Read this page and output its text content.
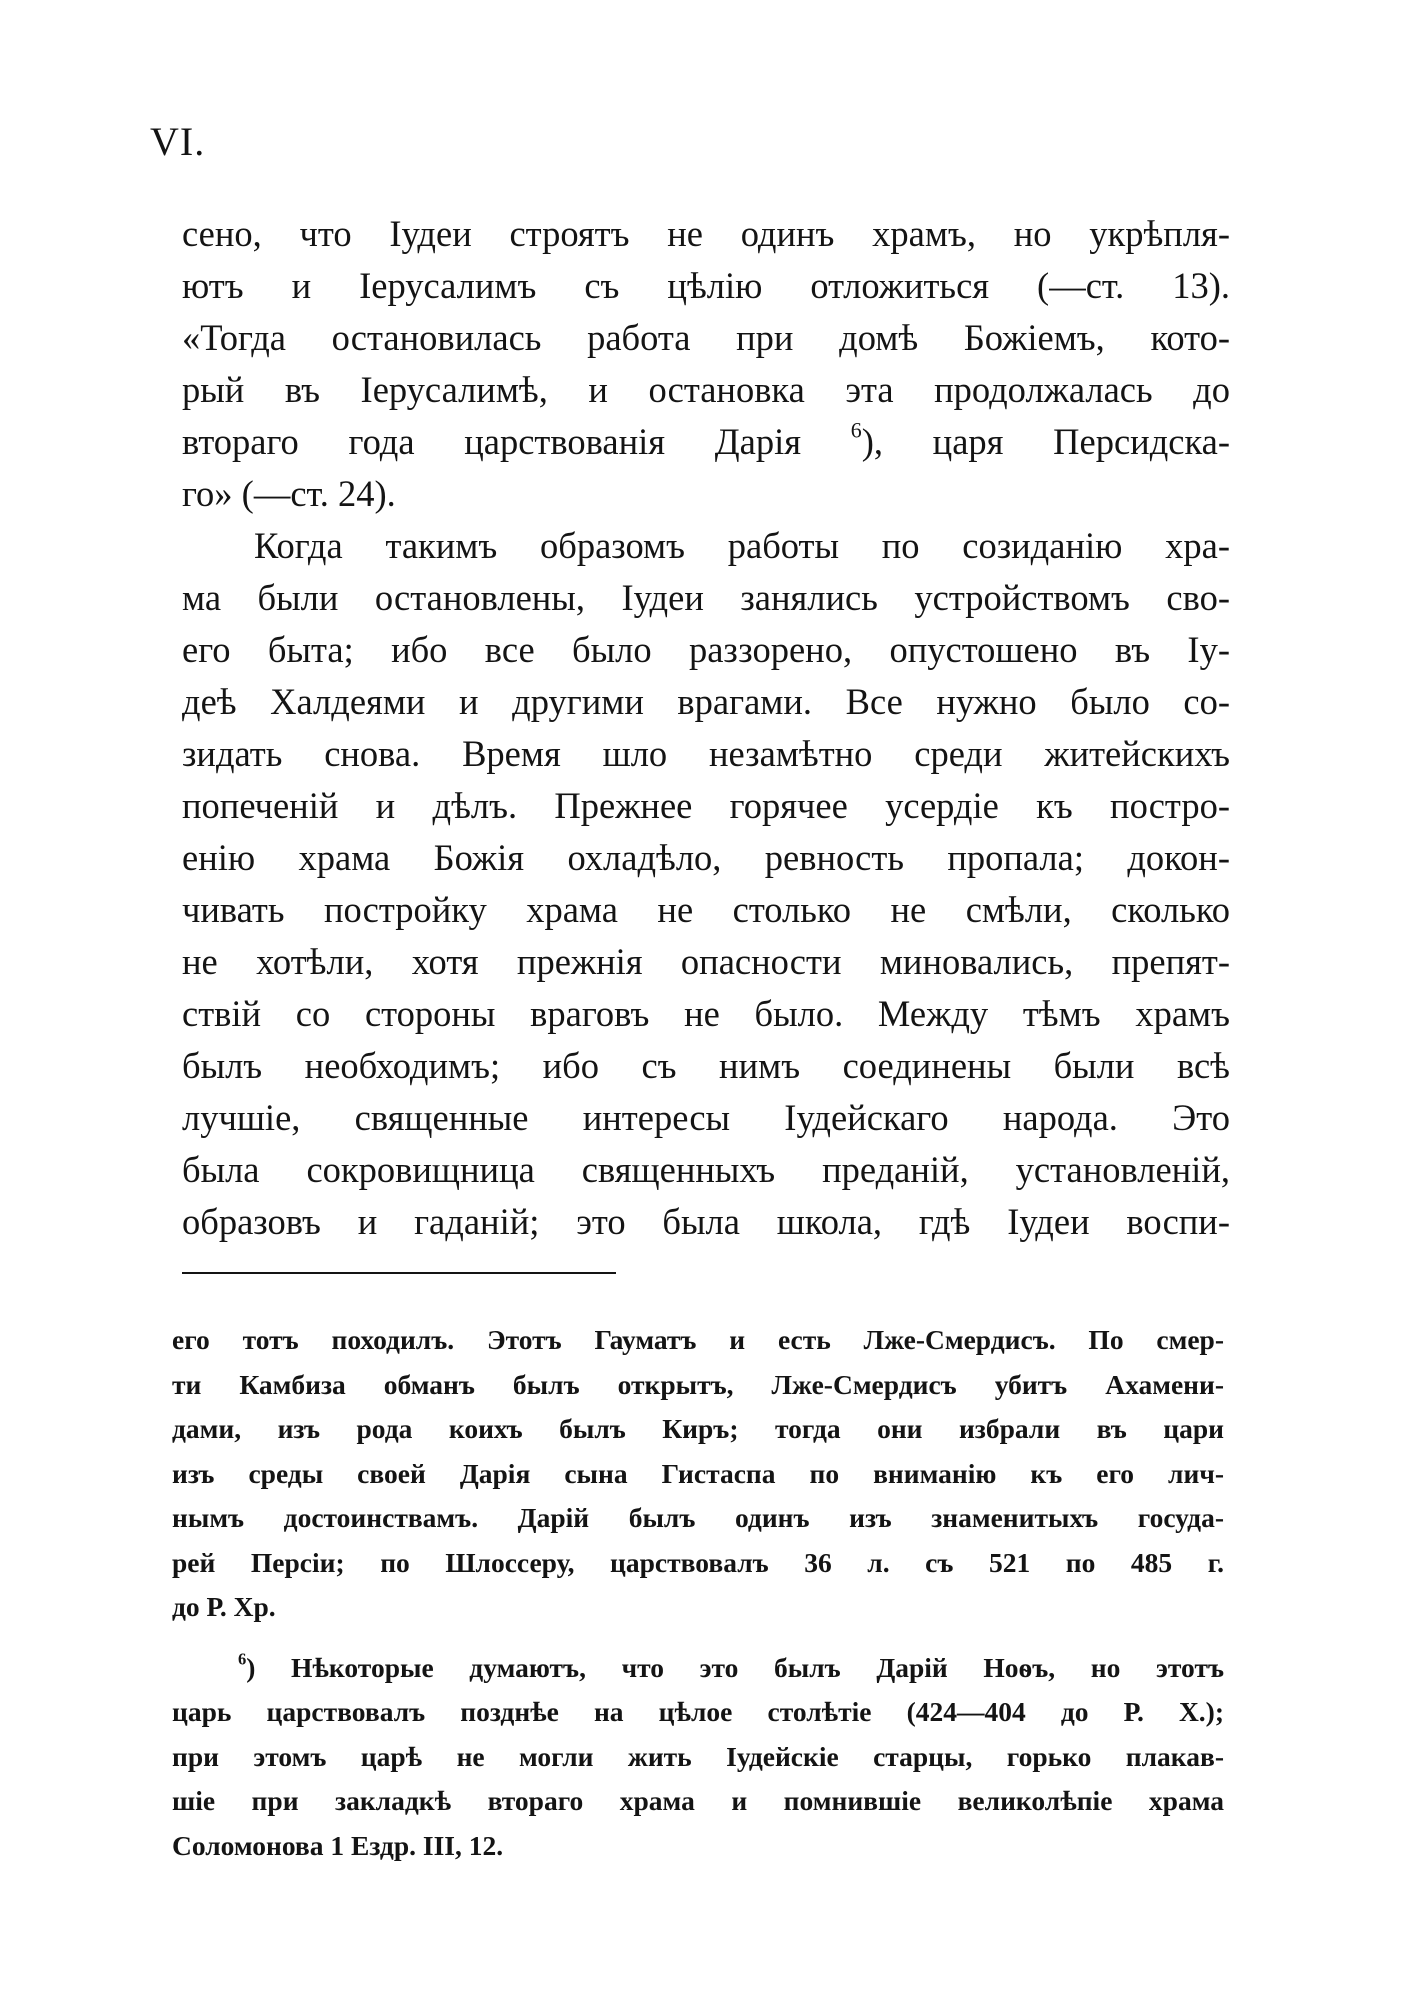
VI.
сено, что Iудеи строятъ не одинъ храмъ, но укрѣпля-
ютъ и Iерусалимъ съ цѣлiю отложиться (—ст. 13).
«Тогда остановилась работа при домѣ Божiемъ, кото-
рый въ Iерусалимѣ, и остановка эта продолжалась до
втораго года царствованiя Дарiя $^6$), царя Персидска-
го» (—ст. 24).
Когда такимъ образомъ работы по созиданiю хра-
ма были остановлены, Iудеи занялись устройствомъ сво-
его быта; ибо все было раззорено, опустошено въ Iу-
деѣ Халдеями и другими врагами. Все нужно было со-
зидать снова. Время шло незамѣтно среди житейскихъ
попеченiй и дѣлъ. Прежнее горячее усердiе къ постро-
енiю храма Божiя охладѣло, ревность пропала; докон-
чивать постройку храма не столько не смѣли, сколько
не хотѣли, хотя прежнiя опасности миновались, препят-
ствiй со стороны враговъ не было. Между тѣмъ храмъ
былъ необходимъ; ибо съ нимъ соединены были всѣ
лучшiе, священные интересы Iудейскаго народа. Это
была сокровищница священныхъ преданiй, установленiй,
образовъ и гаданiй; это была школа, гдѣ Iудеи воспи-
его тотъ походилъ. Этотъ Гауматъ и есть Лже-Смердисъ. По смер-
ти Камбиза обманъ былъ открытъ, Лже-Смердисъ убитъ Ахамени-
дами, изъ рода коихъ былъ Киръ; тогда они избрали въ цари
изъ среды своей Дарiя сына Гистаспа по вниманiю къ его лич-
нымъ достоинствамъ. Дарiй былъ одинъ изъ знаменитыхъ госуда-
рей Персiи; по Шлоссеру, царствовалъ 36 л. съ 521 по 485 г.
до Р. Хр.
$^6$) Нѣкоторые думаютъ, что это былъ Дарiй Ноѳъ, но этотъ
царь царствовалъ позднѣе на цѣлое столѣтiе (424—404 до Р. Х.);
при этомъ царѣ не могли жить Iудейскiе старцы, горько плакав-
шiе при закладкѣ втораго храма и помнившiе великолѣпiе храма
Соломонова 1 Ездр. III, 12.
